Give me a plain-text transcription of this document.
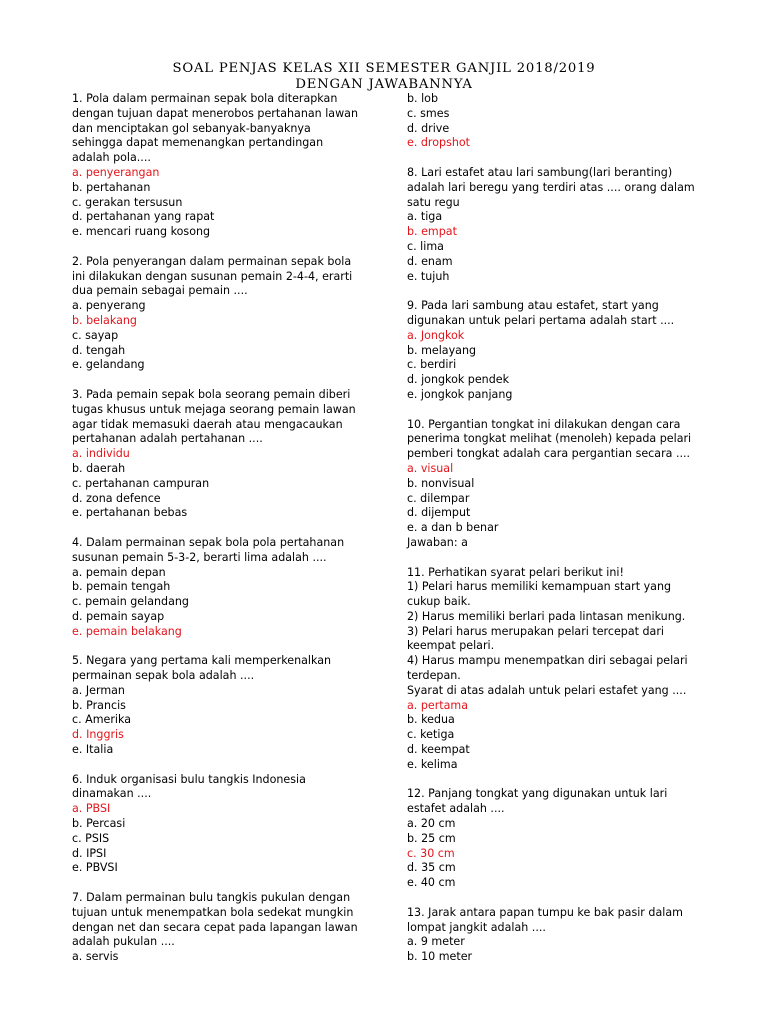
SOAL PENJAS KELAS XII SEMESTER GANJIL 2018/2019
DENGAN JAWABANNYA
1. Pola dalam permainan sepak bola diterapkan
dengan tujuan dapat menerobos pertahanan lawan
dan menciptakan gol sebanyak-banyaknya
sehingga dapat memenangkan pertandingan
adalah pola....
a. penyerangan
b. pertahanan
c. gerakan tersusun
d. pertahanan yang rapat
e. mencari ruang kosong
2. Pola penyerangan dalam permainan sepak bola
ini dilakukan dengan susunan pemain 2-4-4, erarti
dua pemain sebagai pemain ....
a. penyerang
b. belakang
c. sayap
d. tengah
e. gelandang
3. Pada pemain sepak bola seorang pemain diberi
tugas khusus untuk mejaga seorang pemain lawan
agar tidak memasuki daerah atau mengacaukan
pertahanan adalah pertahanan ....
a. individu
b. daerah
c. pertahanan campuran
d. zona defence
e. pertahanan bebas
4. Dalam permainan sepak bola pola pertahanan
susunan pemain 5-3-2, berarti lima adalah ....
a. pemain depan
b. pemain tengah
c. pemain gelandang
d. pemain sayap
e. pemain belakang
5. Negara yang pertama kali memperkenalkan
permainan sepak bola adalah ....
a. Jerman
b. Prancis
c. Amerika
d. Inggris
e. Italia
6. Induk organisasi bulu tangkis Indonesia
dinamakan ....
a. PBSI
b. Percasi
c. PSIS
d. IPSI
e. PBVSI
7. Dalam permainan bulu tangkis pukulan dengan
tujuan untuk menempatkan bola sedekat mungkin
dengan net dan secara cepat pada lapangan lawan
adalah pukulan ....
a. servis
b. lob
c. smes
d. drive
e. dropshot
8. Lari estafet atau lari sambung(lari beranting)
adalah lari beregu yang terdiri atas .... orang dalam
satu regu
a. tiga
b. empat
c. lima
d. enam
e. tujuh
9. Pada lari sambung atau estafet, start yang
digunakan untuk pelari pertama adalah start ....
a. Jongkok
b. melayang
c. berdiri
d. jongkok pendek
e. jongkok panjang
10. Pergantian tongkat ini dilakukan dengan cara
penerima tongkat melihat (menoleh) kepada pelari
pemberi tongkat adalah cara pergantian secara ....
a. visual
b. nonvisual
c. dilempar
d. dijemput
e. a dan b benar
Jawaban: a
11. Perhatikan syarat pelari berikut ini!
1) Pelari harus memiliki kemampuan start yang
cukup baik.
2) Harus memiliki berlari pada lintasan menikung.
3) Pelari harus merupakan pelari tercepat dari
keempat pelari.
4) Harus mampu menempatkan diri sebagai pelari
terdepan.
Syarat di atas adalah untuk pelari estafet yang ....
a. pertama
b. kedua
c. ketiga
d. keempat
e. kelima
12. Panjang tongkat yang digunakan untuk lari
estafet adalah ....
a. 20 cm
b. 25 cm
c. 30 cm
d. 35 cm
e. 40 cm
13. Jarak antara papan tumpu ke bak pasir dalam
lompat jangkit adalah ....
a. 9 meter
b. 10 meter
